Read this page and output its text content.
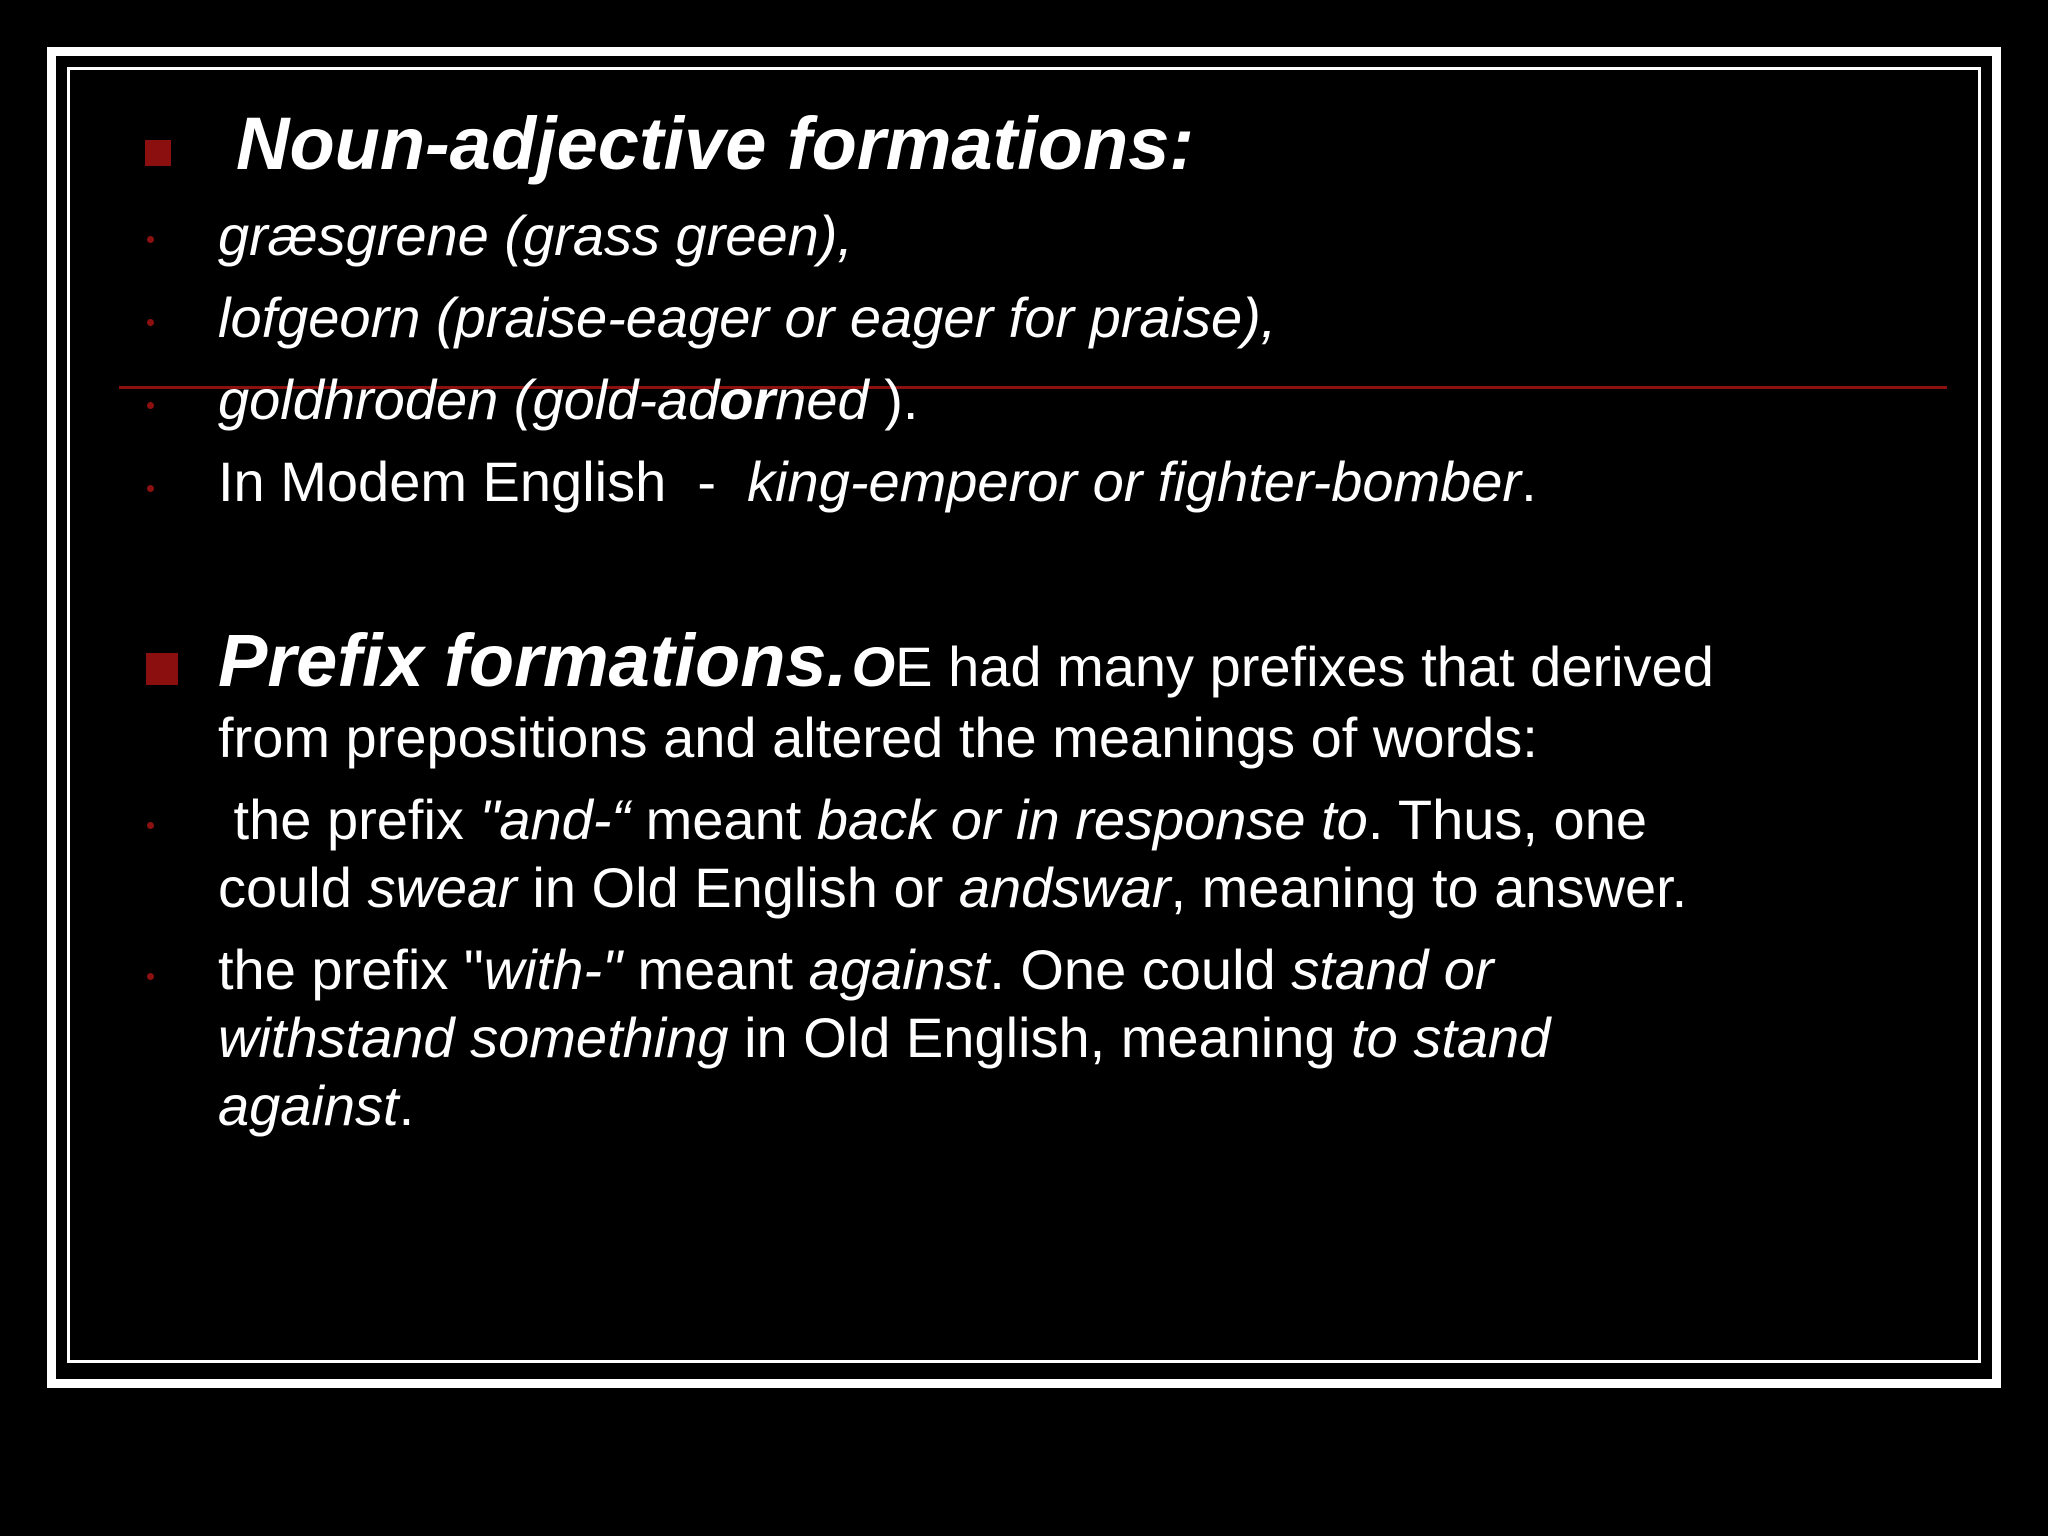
Noun-adjective formations:
græsgrene (grass green),
lofgeorn (praise-eager or eager for praise),
goldhroden (gold-adorned ).
In Modem English  -  king-emperor or fighter-bomber.
Prefix formations. OE had many prefixes that derived
from prepositions and altered the meanings of words:
the prefix "and-“ meant back or in response to. Thus, one
could swear in Old English or andswar, meaning to answer.
the prefix "with-" meant against. One could stand or
withstand something in Old English, meaning to stand
against.
